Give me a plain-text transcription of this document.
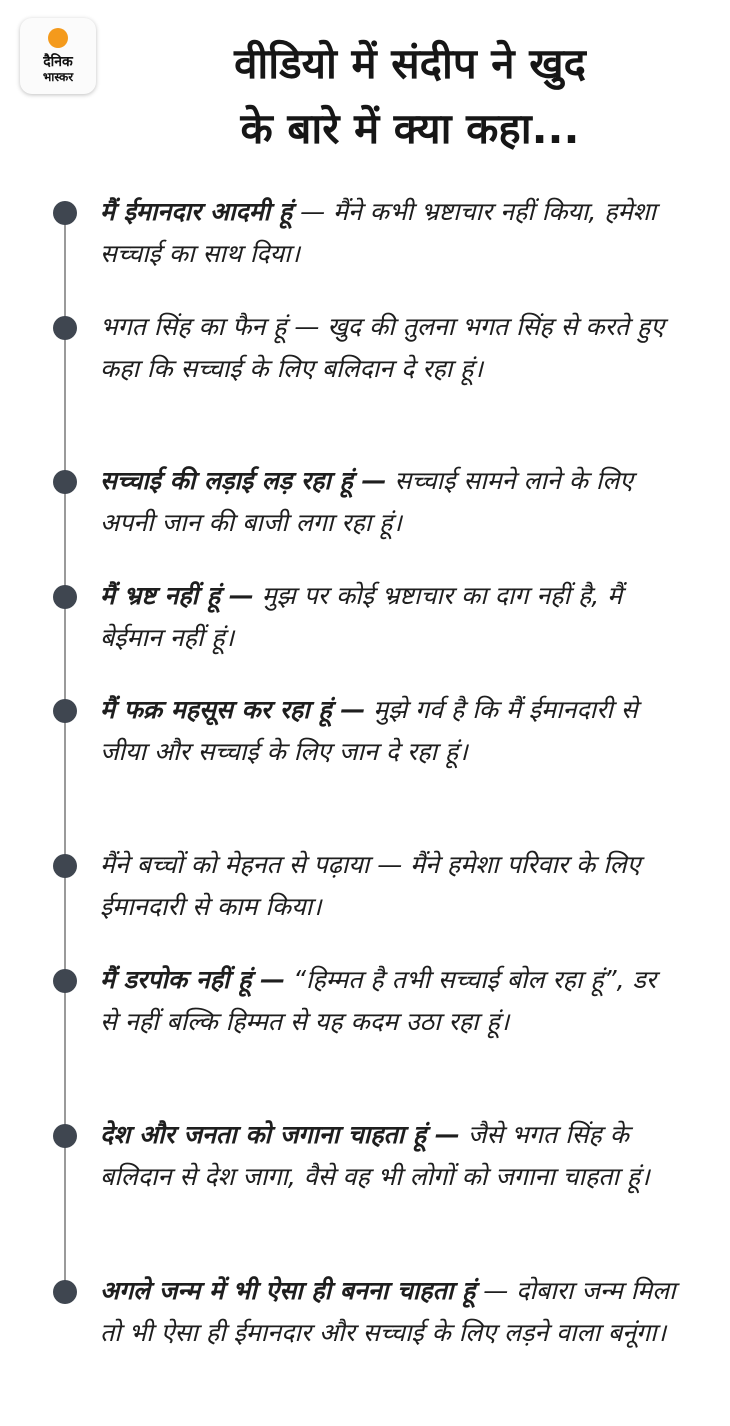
दैनिक
भास्कर	वीडियो में संदीप ने खुद
के बारे में क्या कहा...
मैं ईमानदार आदमी हूं — मैंने कभी भ्रष्टाचार नहीं किया, हमेशा सच्चाई का साथ दिया।
भगत सिंह का फैन हूं — खुद की तुलना भगत सिंह से करते हुए कहा कि सच्चाई के लिए बलिदान दे रहा हूं।
सच्चाई की लड़ाई लड़ रहा हूं — सच्चाई सामने लाने के लिए अपनी जान की बाजी लगा रहा हूं।
मैं भ्रष्ट नहीं हूं — मुझ पर कोई भ्रष्टाचार का दाग नहीं है, मैं बेईमान नहीं हूं।
मैं फक्र महसूस कर रहा हूं — मुझे गर्व है कि मैं ईमानदारी से जीया और सच्चाई के लिए जान दे रहा हूं।
मैंने बच्चों को मेहनत से पढ़ाया — मैंने हमेशा परिवार के लिए ईमानदारी से काम किया।
मैं डरपोक नहीं हूं — “हिम्मत है तभी सच्चाई बोल रहा हूं”, डर से नहीं बल्कि हिम्मत से यह कदम उठा रहा हूं।
देश और जनता को जगाना चाहता हूं — जैसे भगत सिंह के बलिदान से देश जागा, वैसे वह भी लोगों को जगाना चाहता हूं।
अगले जन्म में भी ऐसा ही बनना चाहता हूं — दोबारा जन्म मिला तो भी ऐसा ही ईमानदार और सच्चाई के लिए लड़ने वाला बनूंगा।
